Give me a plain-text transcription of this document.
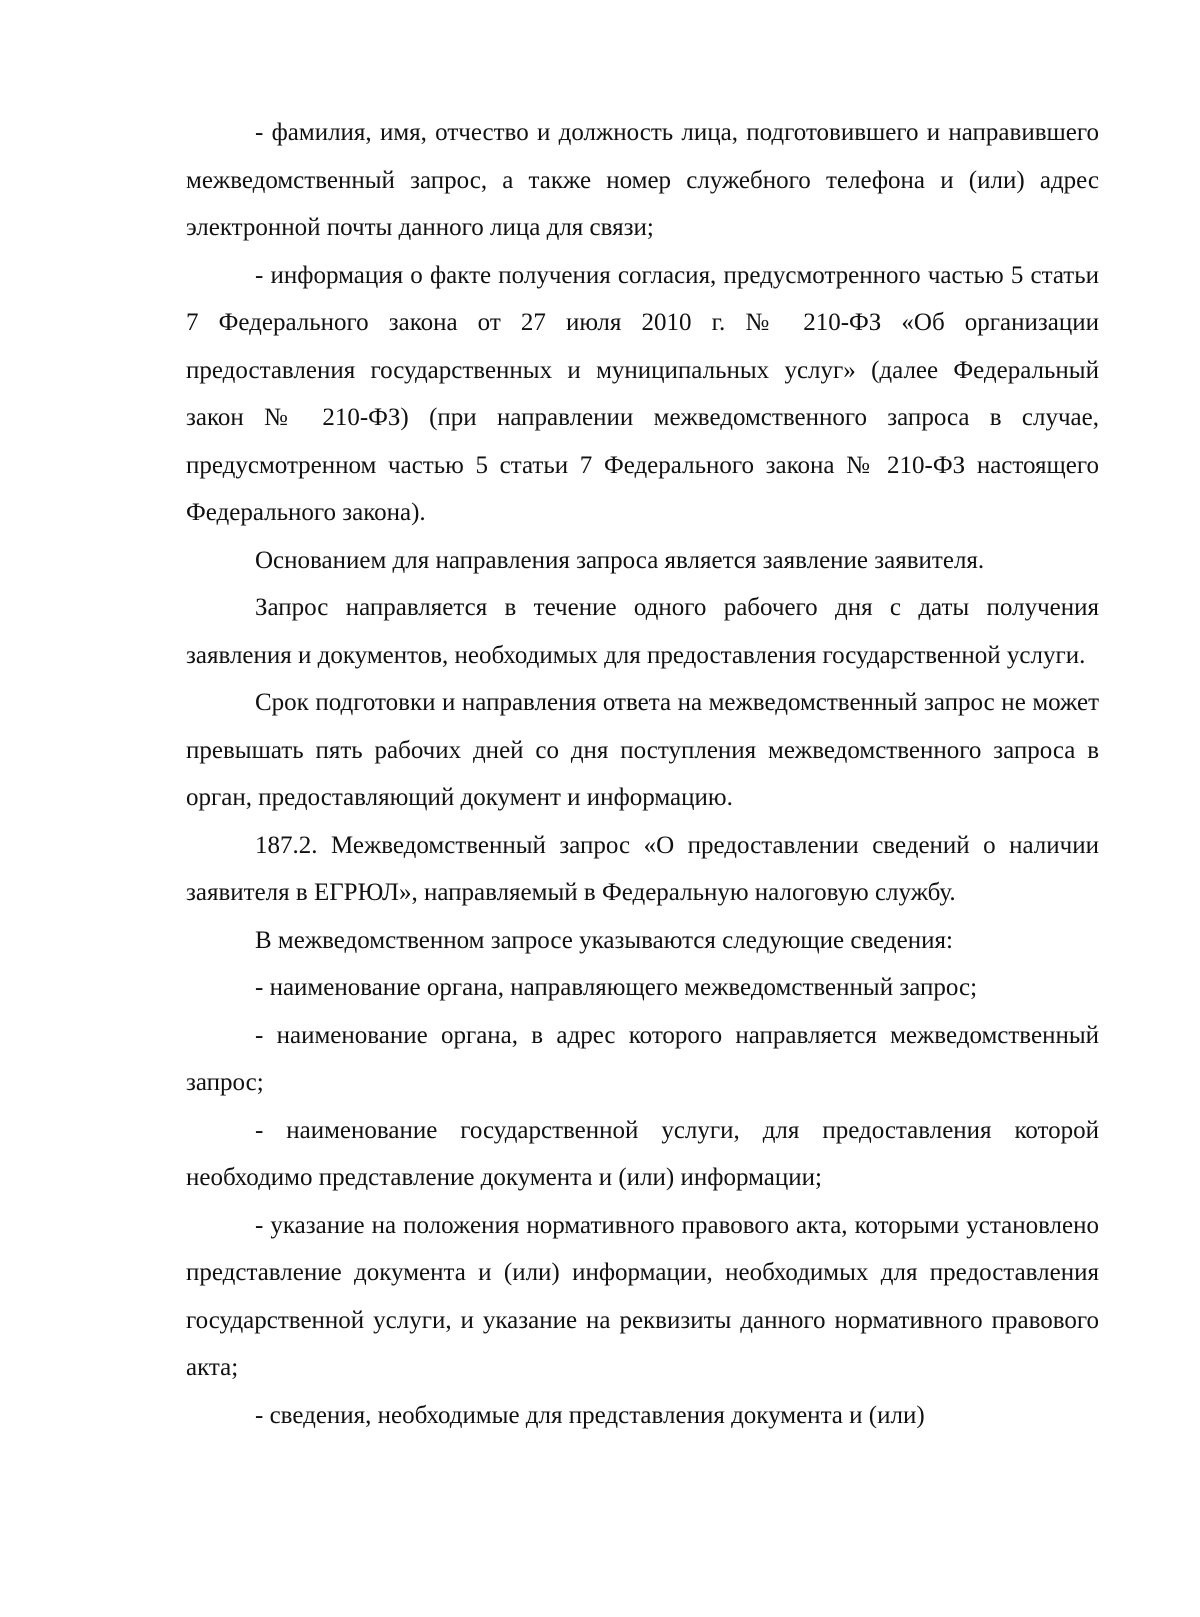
- фамилия, имя, отчество и должность лица, подготовившего и направившего межведомственный запрос, а также номер служебного телефона и (или) адрес электронной почты данного лица для связи;

- информация о факте получения согласия, предусмотренного частью 5 статьи 7 Федерального закона от 27 июля 2010 г. № 210-ФЗ «Об организации предоставления государственных и муниципальных услуг» (далее Федеральный закон № 210-ФЗ) (при направлении межведомственного запроса в случае, предусмотренном частью 5 статьи 7 Федерального закона № 210-ФЗ настоящего Федерального закона).

Основанием для направления запроса является заявление заявителя.

Запрос направляется в течение одного рабочего дня с даты получения заявления и документов, необходимых для предоставления государственной услуги.

Срок подготовки и направления ответа на межведомственный запрос не может превышать пять рабочих дней со дня поступления межведомственного запроса в орган, предоставляющий документ и информацию.

187.2. Межведомственный запрос «О предоставлении сведений о наличии заявителя в ЕГРЮЛ», направляемый в Федеральную налоговую службу.

В межведомственном запросе указываются следующие сведения:

- наименование органа, направляющего межведомственный запрос;

- наименование органа, в адрес которого направляется межведомственный запрос;

- наименование государственной услуги, для предоставления которой необходимо представление документа и (или) информации;

- указание на положения нормативного правового акта, которыми установлено представление документа и (или) информации, необходимых для предоставления государственной услуги, и указание на реквизиты данного нормативного правового акта;

- сведения, необходимые для представления документа и (или)
